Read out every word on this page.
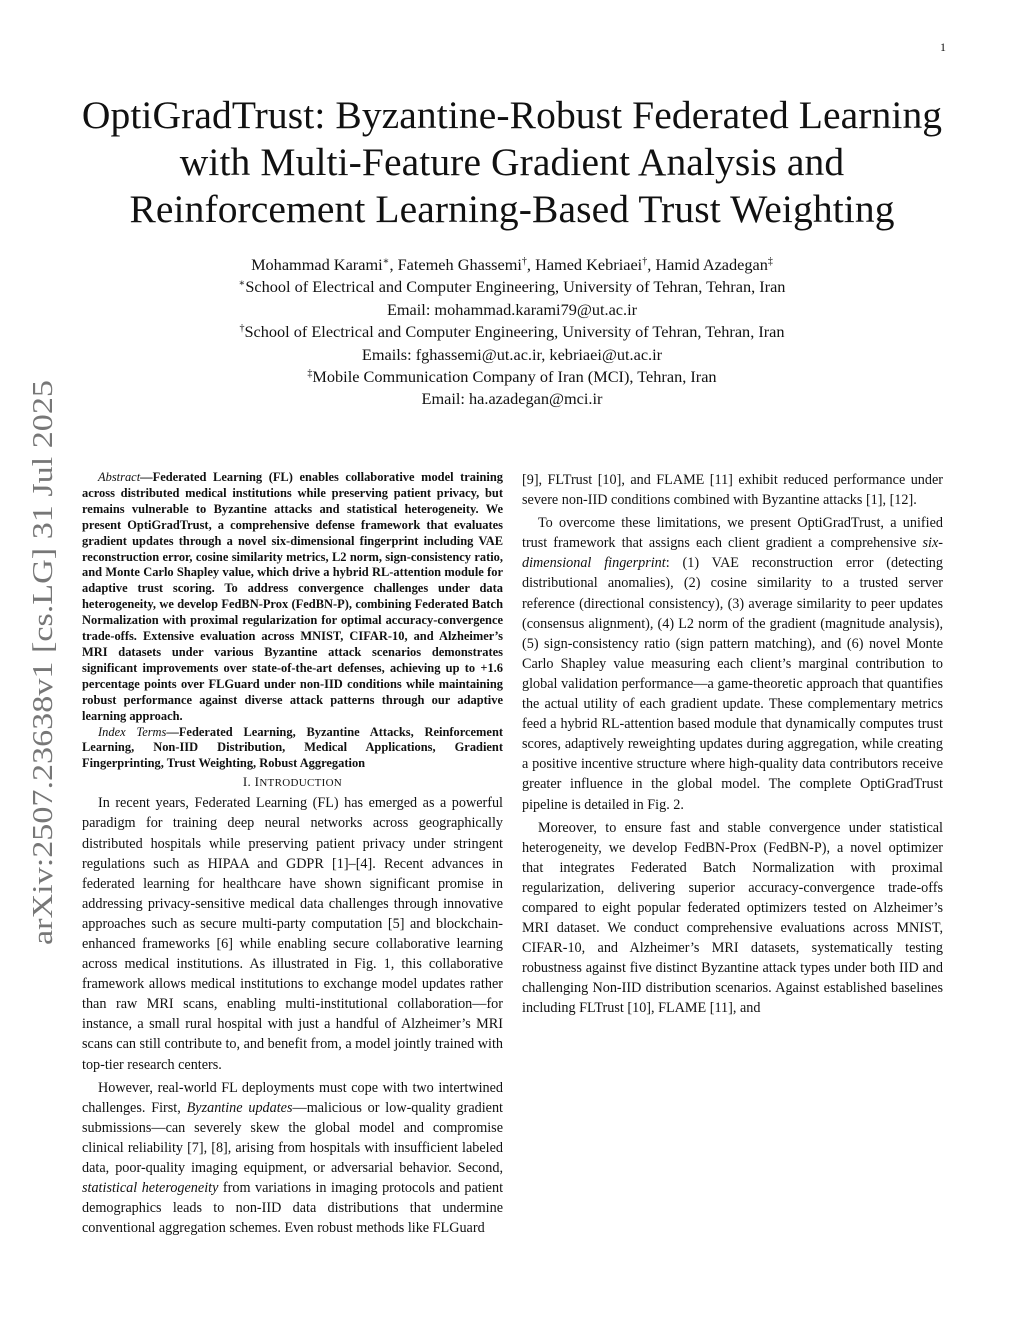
1
arXiv:2507.23638v1 [cs.LG] 31 Jul 2025
OptiGradTrust: Byzantine-Robust Federated Learning with Multi-Feature Gradient Analysis and Reinforcement Learning-Based Trust Weighting
Mohammad Karami∗, Fatemeh Ghassemi†, Hamed Kebriaei†, Hamid Azadegan‡
∗School of Electrical and Computer Engineering, University of Tehran, Tehran, Iran
Email: mohammad.karami79@ut.ac.ir
†School of Electrical and Computer Engineering, University of Tehran, Tehran, Iran
Emails: fghassemi@ut.ac.ir, kebriaei@ut.ac.ir
‡Mobile Communication Company of Iran (MCI), Tehran, Iran
Email: ha.azadegan@mci.ir

Abstract—Federated Learning (FL) enables collaborative model training across distributed medical institutions while preserving patient privacy, but remains vulnerable to Byzantine attacks and statistical heterogeneity. We present OptiGradTrust, a comprehensive defense framework that evaluates gradient updates through a novel six-dimensional fingerprint including VAE reconstruction error, cosine similarity metrics, L2 norm, sign-consistency ratio, and Monte Carlo Shapley value, which drive a hybrid RL-attention module for adaptive trust scoring. To address convergence challenges under data heterogeneity, we develop FedBN-Prox (FedBN-P), combining Federated Batch Normalization with proximal regularization for optimal accuracy-convergence trade-offs. Extensive evaluation across MNIST, CIFAR-10, and Alzheimer’s MRI datasets under various Byzantine attack scenarios demonstrates significant improvements over state-of-the-art defenses, achieving up to +1.6 percentage points over FLGuard under non-IID conditions while maintaining robust performance against diverse attack patterns through our adaptive learning approach.

Index Terms—Federated Learning, Byzantine Attacks, Reinforcement Learning, Non-IID Distribution, Medical Applications, Gradient Fingerprinting, Trust Weighting, Robust Aggregation

I. INTRODUCTION

In recent years, Federated Learning (FL) has emerged as a powerful paradigm for training deep neural networks across geographically distributed hospitals while preserving patient privacy under stringent regulations such as HIPAA and GDPR [1]–[4]. Recent advances in federated learning for healthcare have shown significant promise in addressing privacy-sensitive medical data challenges through innovative approaches such as secure multi-party computation [5] and blockchain-enhanced frameworks [6] while enabling secure collaborative learning across medical institutions. As illustrated in Fig. 1, this collaborative framework allows medical institutions to exchange model updates rather than raw MRI scans, enabling multi-institutional collaboration—for instance, a small rural hospital with just a handful of Alzheimer’s MRI scans can still contribute to, and benefit from, a model jointly trained with top-tier research centers.

However, real-world FL deployments must cope with two intertwined challenges. First, Byzantine updates—malicious or low-quality gradient submissions—can severely skew the global model and compromise clinical reliability [7], [8], arising from hospitals with insufficient labeled data, poor-quality imaging equipment, or adversarial behavior. Second, statistical heterogeneity from variations in imaging protocols and patient demographics leads to non-IID data distributions that undermine conventional aggregation schemes. Even robust methods like FLGuard

[9], FLTrust [10], and FLAME [11] exhibit reduced performance under severe non-IID conditions combined with Byzantine attacks [1], [12].

To overcome these limitations, we present OptiGradTrust, a unified trust framework that assigns each client gradient a comprehensive six-dimensional fingerprint: (1) VAE reconstruction error (detecting distributional anomalies), (2) cosine similarity to a trusted server reference (directional consistency), (3) average similarity to peer updates (consensus alignment), (4) L2 norm of the gradient (magnitude analysis), (5) sign-consistency ratio (sign pattern matching), and (6) novel Monte Carlo Shapley value measuring each client’s marginal contribution to global validation performance—a game-theoretic approach that quantifies the actual utility of each gradient update. These complementary metrics feed a hybrid RL-attention based module that dynamically computes trust scores, adaptively reweighting updates during aggregation, while creating a positive incentive structure where high-quality data contributors receive greater influence in the global model. The complete OptiGradTrust pipeline is detailed in Fig. 2.

Moreover, to ensure fast and stable convergence under statistical heterogeneity, we develop FedBN-Prox (FedBN-P), a novel optimizer that integrates Federated Batch Normalization with proximal regularization, delivering superior accuracy-convergence trade-offs compared to eight popular federated optimizers tested on Alzheimer’s MRI dataset. We conduct comprehensive evaluations across MNIST, CIFAR-10, and Alzheimer’s MRI datasets, systematically testing robustness against five distinct Byzantine attack types under both IID and challenging Non-IID distribution scenarios. Against established baselines including FLTrust [10], FLAME [11], and
